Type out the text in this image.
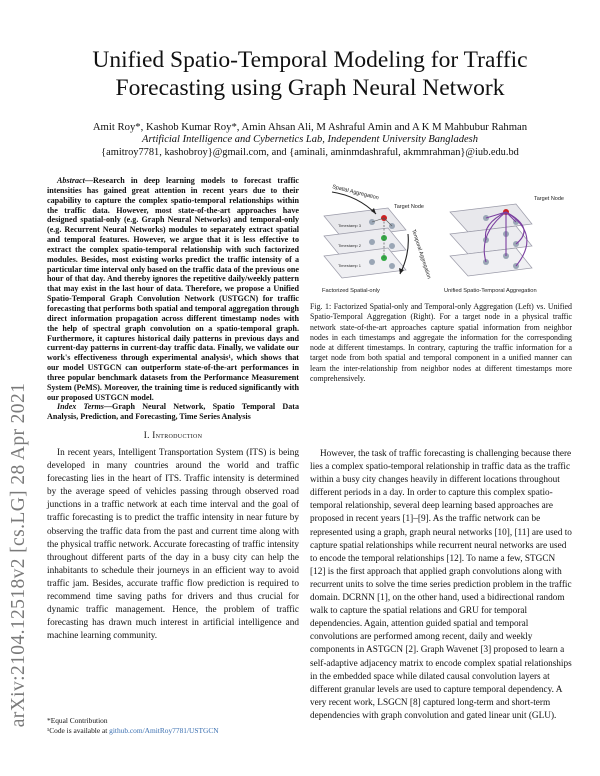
arXiv:2104.12518v2 [cs.LG] 28 Apr 2021
Unified Spatio-Temporal Modeling for Traffic Forecasting using Graph Neural Network
Amit Roy*, Kashob Kumar Roy*, Amin Ahsan Ali, M Ashraful Amin and A K M Mahbubur Rahman
Artificial Intelligence and Cybernetics Lab, Independent University Bangladesh
{amitroy7781, kashobroy}@gmail.com, and {aminali, aminmdashraful, akmmrahman}@iub.edu.bd

Abstract—Research in deep learning models to forecast traffic intensities has gained great attention in recent years due to their capability to capture the complex spatio-temporal relationships within the traffic data. However, most state-of-the-art approaches have designed spatial-only (e.g. Graph Neural Networks) and temporal-only (e.g. Recurrent Neural Networks) modules to separately extract spatial and temporal features. However, we argue that it is less effective to extract the complex spatio-temporal relationship with such factorized modules. Besides, most existing works predict the traffic intensity of a particular time interval only based on the traffic data of the previous one hour of that day. And thereby ignores the repetitive daily/weekly pattern that may exist in the last hour of data. Therefore, we propose a Unified Spatio-Temporal Graph Convolution Network (USTGCN) for traffic forecasting that performs both spatial and temporal aggregation through direct information propagation across different timestamp nodes with the help of spectral graph convolution on a spatio-temporal graph. Furthermore, it captures historical daily patterns in previous days and current-day patterns in current-day traffic data. Finally, we validate our work's effectiveness through experimental analysis¹, which shows that our model USTGCN can outperform state-of-the-art performances in three popular benchmark datasets from the Performance Measurement System (PeMS). Moreover, the training time is reduced significantly with our proposed USTGCN model.

Index Terms—Graph Neural Network, Spatio Temporal Data Analysis, Prediction, and Forecasting, Time Series Analysis

I. Introduction

In recent years, Intelligent Transportation System (ITS) is being developed in many countries around the world and traffic forecasting lies in the heart of ITS. Traffic intensity is determined by the average speed of vehicles passing through observed road junctions in a traffic network at each time interval and the goal of traffic forecasting is to predict the traffic intensity in near future by observing the traffic data from the past and current time along with the physical traffic network. Accurate forecasting of traffic intensity throughout different parts of the day in a busy city can help the inhabitants to schedule their journeys in an efficient way to avoid traffic jam. Besides, accurate traffic flow prediction is required to recommend time saving paths for drivers and thus crucial for dynamic traffic management. Hence, the problem of traffic forecasting has drawn much interest in artificial intelligence and machine learning community.

*Equal Contribution
¹Code is available at github.com/AmitRoy7781/USTGCN
Timestamp 3
Timestamp 2
Timestamp 1
Spatial Aggregation
Target Node
Temporal Aggregation
Factorized Spatial-only
Target Node
Unified Spatio-Temporal Aggregation
Fig. 1: Factorized Spatial-only and Temporal-only Aggregation (Left) vs. Unified Spatio-Temporal Aggregation (Right). For a target node in a physical traffic network state-of-the-art approaches capture spatial information from neighbor nodes in each timestamps and aggregate the information for the corresponding node at different timestamps. In contrary, capturing the traffic information for a target node from both spatial and temporal component in a unified manner can learn the inter-relationship from neighbor nodes at different timestamps more comprehensively.

However, the task of traffic forecasting is challenging because there lies a complex spatio-temporal relationship in traffic data as the traffic within a busy city changes heavily in different locations throughout different periods in a day. In order to capture this complex spatio-temporal relationship, several deep learning based approaches are proposed in recent years [1]–[9]. As the traffic network can be represented using a graph, graph neural networks [10], [11] are used to capture spatial relationships while recurrent neural networks are used to encode the temporal relationships [12]. To name a few, STGCN [12] is the first approach that applied graph convolutions along with recurrent units to solve the time series prediction problem in the traffic domain. DCRNN [1], on the other hand, used a bidirectional random walk to capture the spatial relations and GRU for temporal dependencies. Again, attention guided spatial and temporal convolutions are performed among recent, daily and weekly components in ASTGCN [2]. Graph Wavenet [3] proposed to learn a self-adaptive adjacency matrix to encode complex spatial relationships in the embedded space while dilated causal convolution layers at different granular levels are used to capture temporal dependency. A very recent work, LSGCN [8] captured long-term and short-term dependencies with graph convolution and gated linear unit (GLU).
